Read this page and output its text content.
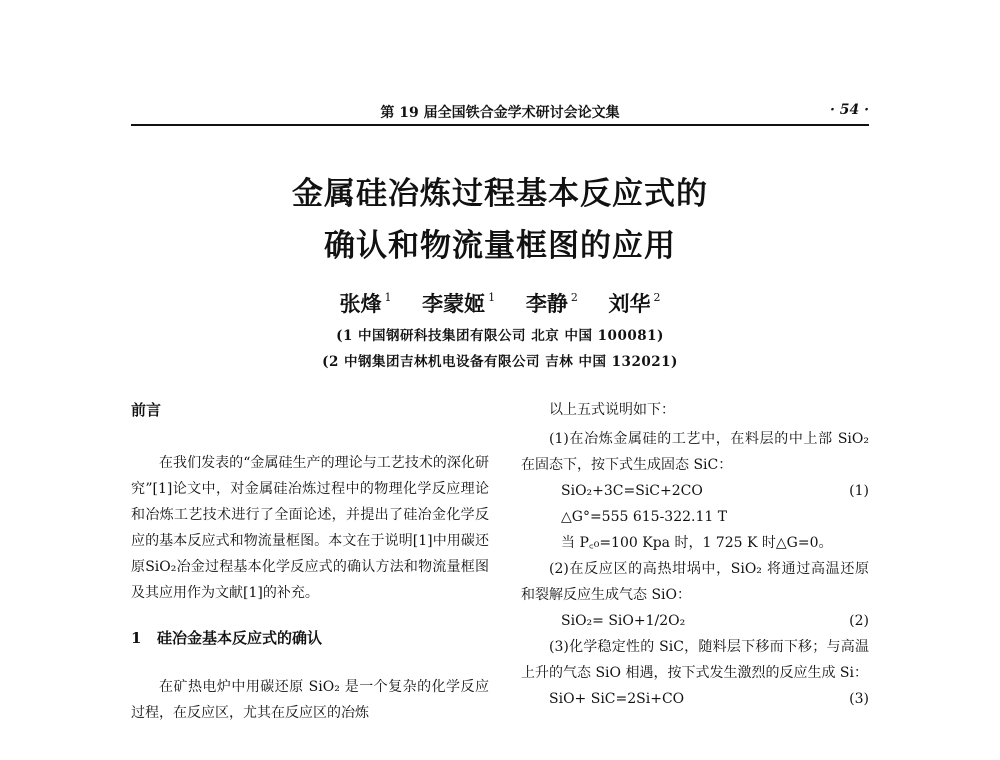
第 19 届全国铁合金学术研讨会论文集	· 54 ·
金属硅冶炼过程基本反应式的
确认和物流量框图的应用
张烽 $^1$ 李蒙姬 $^1$ 李静 $^2$ 刘华 $^2$
(1 中国钢研科技集团有限公司 北京 中国 100081)
(2 中钢集团吉林机电设备有限公司 吉林 中国 132021)

前言

在我们发表的“金属硅生产的理论与工艺技术的深化研究”[1]论文中，对金属硅冶炼过程中的物理化学反应理论和冶炼工艺技术进行了全面论述，并提出了硅冶金化学反应的基本反应式和物流量框图。本文在于说明[1]中用碳还原SiO₂冶金过程基本化学反应式的确认方法和物流量框图及其应用作为文献[1]的补充。

1 硅冶金基本反应式的确认

在矿热电炉中用碳还原 SiO₂ 是一个复杂的化学反应过程，在反应区，尤其在反应区的冶炼

以上五式说明如下：

(1)在冶炼金属硅的工艺中，在料层的中上部 SiO₂ 在固态下，按下式生成固态 SiC：

SiO₂+3C=SiC+2CO	(1)

△G°=555 615-322.11 T

当 P꜀₀=100 Kpa 时，1 725 K 时△G=0。

(2)在反应区的高热坩埚中，SiO₂ 将通过高温还原和裂解反应生成气态 SiO：

SiO₂= SiO+1/2O₂	(2)

(3)化学稳定性的 SiC，随料层下移而下移；与高温上升的气态 SiO 相遇，按下式发生激烈的反应生成 Si：

SiO+ SiC=2Si+CO	(3)
